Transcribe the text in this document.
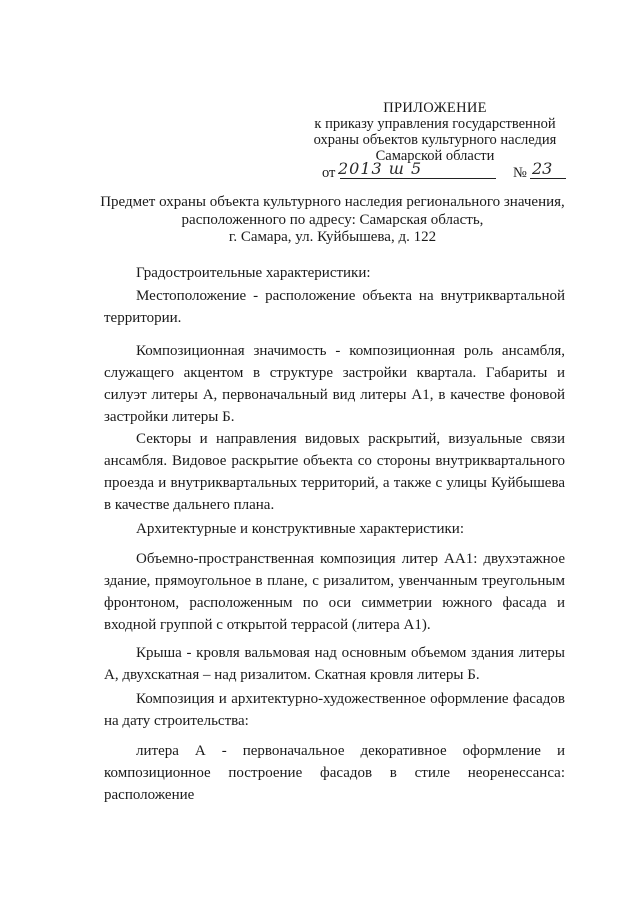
ПРИЛОЖЕНИЕ
к приказу управления государственной
охраны объектов культурного наследия
Самарской области
от 2013 ш 5	№ 23
Предмет охраны объекта культурного наследия регионального значения,
расположенного по адресу: Самарская область,
г. Самара, ул. Куйбышева, д. 122
Градостроительные характеристики:
Местоположение - расположение объекта на внутриквартальной территории.
Композиционная значимость - композиционная роль ансамбля, служащего акцентом в структуре застройки квартала. Габариты и силуэт литеры А, первоначальный вид литеры А1, в качестве фоновой застройки литеры Б.
Секторы и направления видовых раскрытий, визуальные связи ансамбля. Видовое раскрытие объекта со стороны внутриквартального проезда и внутриквартальных территорий, а также с улицы Куйбышева в качестве дальнего плана.
Архитектурные и конструктивные характеристики:
Объемно-пространственная композиция литер АА1: двухэтажное здание, прямоугольное в плане, с ризалитом, увенчанным треугольным фронтоном, расположенным по оси симметрии южного фасада и входной группой с открытой террасой (литера А1).
Крыша - кровля вальмовая над основным объемом здания литеры А, двухскатная – над ризалитом. Скатная кровля литеры Б.
Композиция и архитектурно-художественное оформление фасадов на дату строительства:
литера А - первоначальное декоративное оформление и композиционное построение фасадов в стиле неоренессанса: расположение
